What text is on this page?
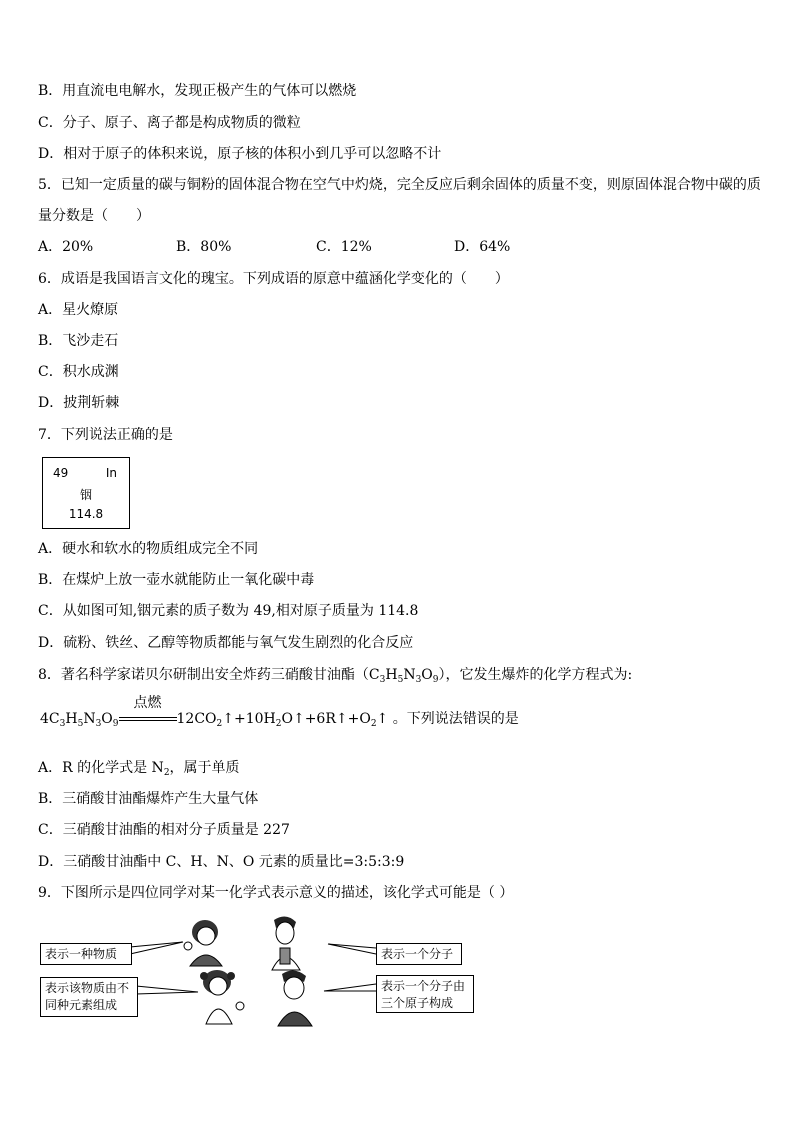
B．用直流电电解水，发现正极产生的气体可以燃烧
C．分子、原子、离子都是构成物质的微粒
D．相对于原子的体积来说，原子核的体积小到几乎可以忽略不计
5．已知一定质量的碳与铜粉的固体混合物在空气中灼烧，完全反应后剩余固体的质量不变，则原固体混合物中碳的质
量分数是（　　）
A．20%	B．80%	C．12%	D．64%
6．成语是我国语言文化的瑰宝。下列成语的原意中蕴涵化学变化的（　　）
A．星火燎原
B．飞沙走石
C．积水成渊
D．披荆斩棘
7．下列说法正确的是
49	In
铟
114.8
A．硬水和软水的物质组成完全不同
B．在煤炉上放一壶水就能防止一氧化碳中毒
C．从如图可知,铟元素的质子数为 49,相对原子质量为 114.8
D．硫粉、铁丝、乙醇等物质都能与氧气发生剧烈的化合反应
8．著名科学家诺贝尔研制出安全炸药三硝酸甘油酯$(C_3H_5N_3O_9)$，它发生爆炸的化学方程式为:
$4C_3H_5N_3O_9$
点燃
$12CO_2↑+10H_2O↑+6R↑+O_2↑$ 。下列说法错误的是
A．R 的化学式是 $N_2$，属于单质
B．三硝酸甘油酯爆炸产生大量气体
C．三硝酸甘油酯的相对分子质量是 227
D．三硝酸甘油酯中 C、H、N、O 元素的质量比=3:5:3:9
9．下图所示是四位同学对某一化学式表示意义的描述，该化学式可能是（ ）
表示一种物质	表示一个分子
表示该物质由不同种元素组成
表示一个分子由三个原子构成
